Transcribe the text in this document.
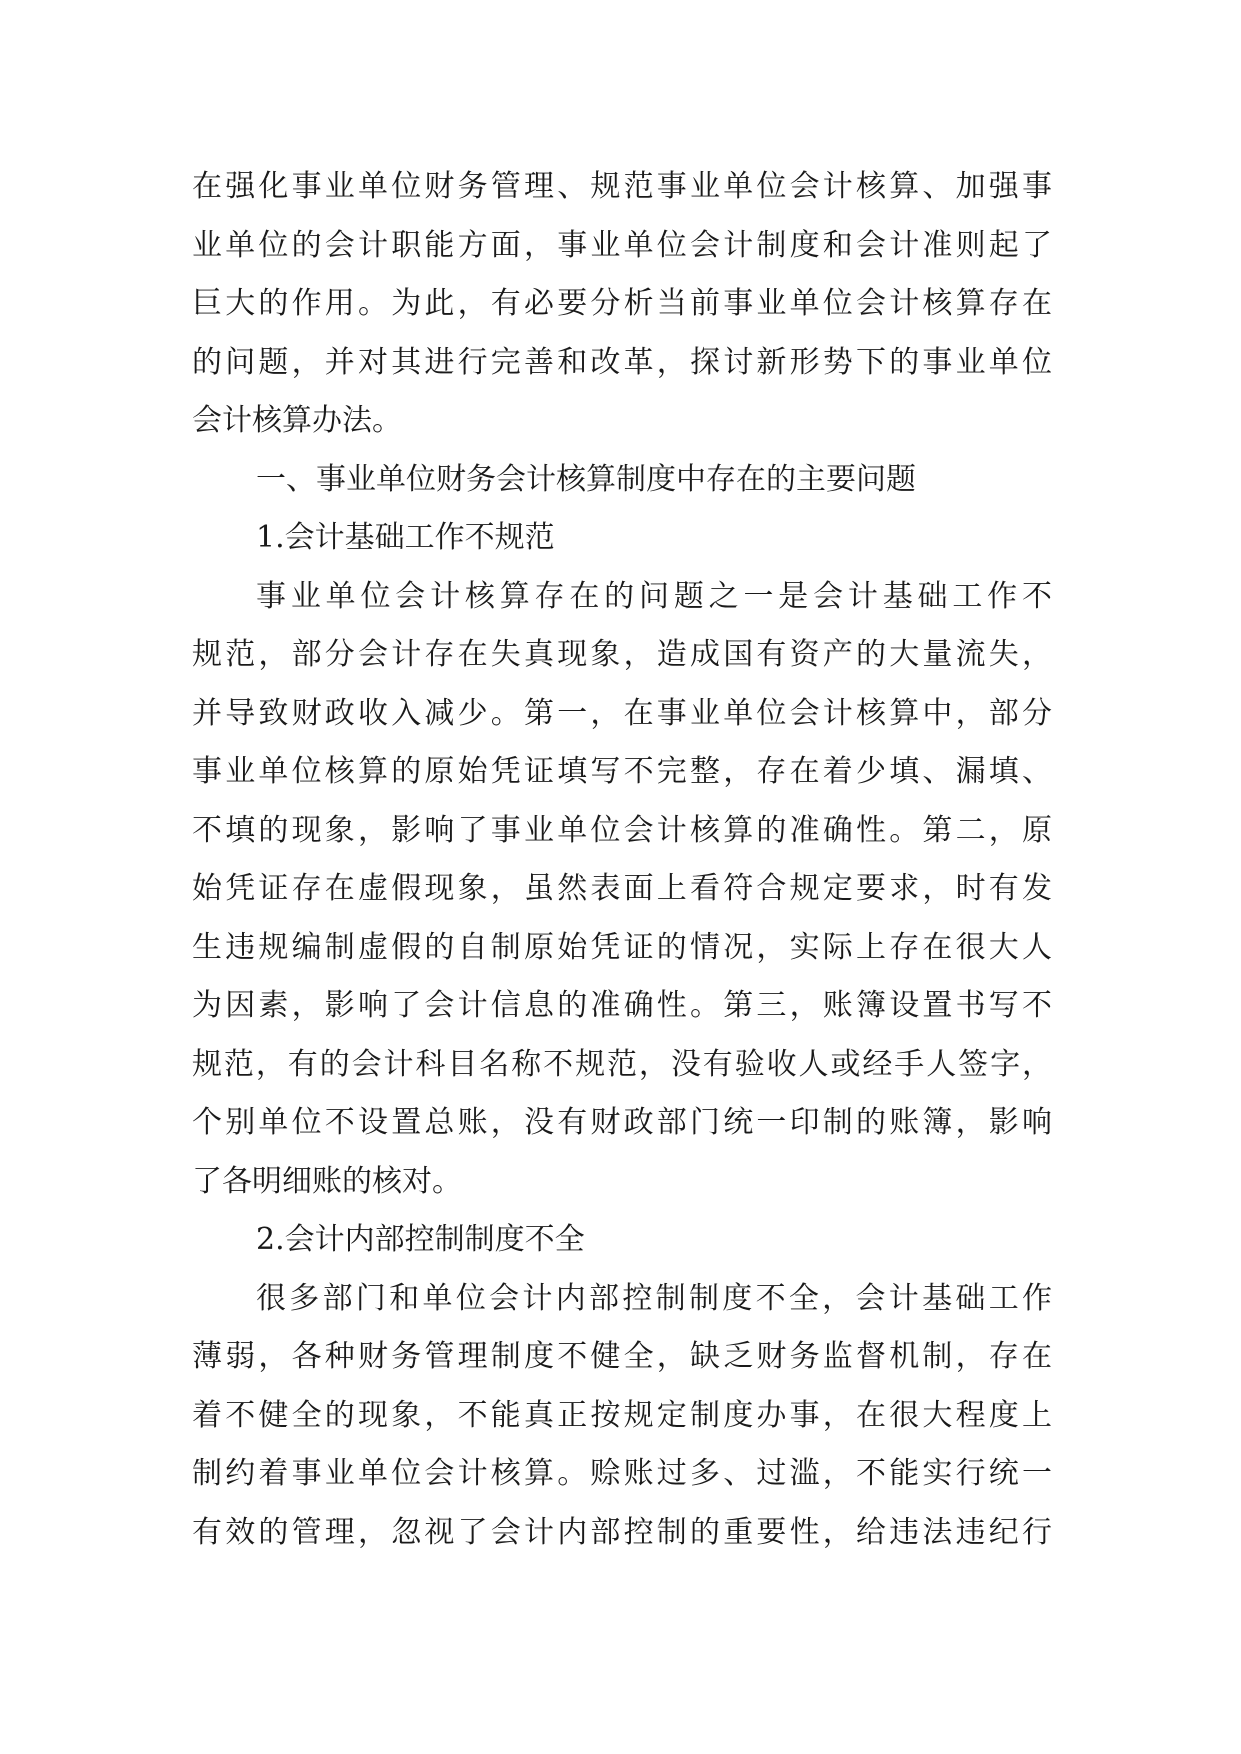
在强化事业单位财务管理、规范事业单位会计核算、加强事
业单位的会计职能方面，事业单位会计制度和会计准则起了
巨大的作用。为此，有必要分析当前事业单位会计核算存在
的问题，并对其进行完善和改革，探讨新形势下的事业单位
会计核算办法。
一、事业单位财务会计核算制度中存在的主要问题
1.会计基础工作不规范
事业单位会计核算存在的问题之一是会计基础工作不
规范，部分会计存在失真现象，造成国有资产的大量流失，
并导致财政收入减少。第一，在事业单位会计核算中，部分
事业单位核算的原始凭证填写不完整，存在着少填、漏填、
不填的现象，影响了事业单位会计核算的准确性。第二，原
始凭证存在虚假现象，虽然表面上看符合规定要求，时有发
生违规编制虚假的自制原始凭证的情况，实际上存在很大人
为因素，影响了会计信息的准确性。第三，账簿设置书写不
规范，有的会计科目名称不规范，没有验收人或经手人签字，
个别单位不设置总账，没有财政部门统一印制的账簿，影响
了各明细账的核对。
2.会计内部控制制度不全
很多部门和单位会计内部控制制度不全，会计基础工作
薄弱，各种财务管理制度不健全，缺乏财务监督机制，存在
着不健全的现象，不能真正按规定制度办事，在很大程度上
制约着事业单位会计核算。赊账过多、过滥，不能实行统一
有效的管理，忽视了会计内部控制的重要性，给违法违纪行
